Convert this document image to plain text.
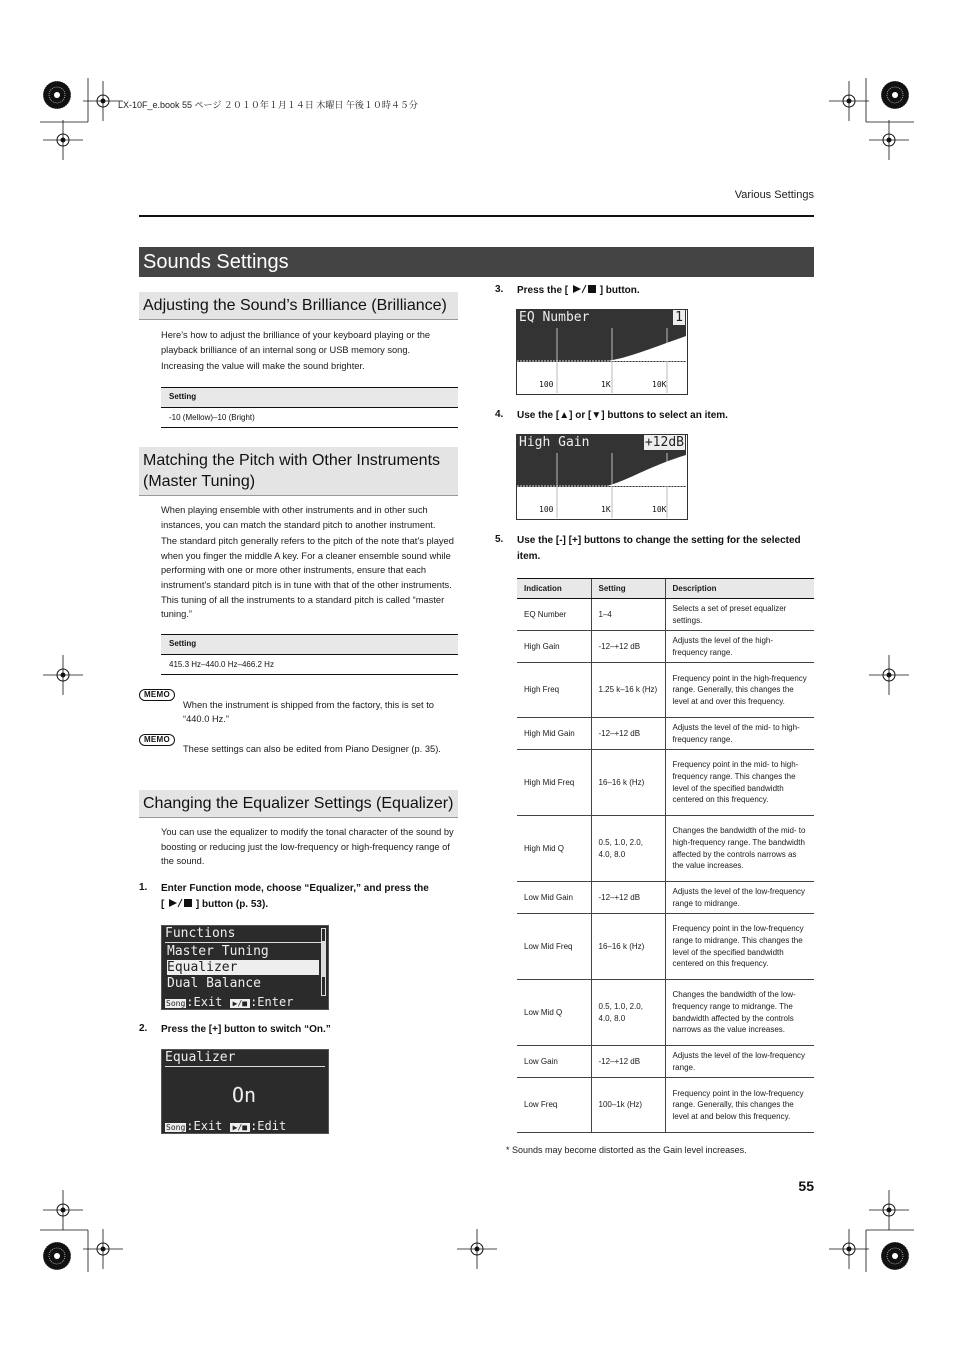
LX-10F_e.book 55 ページ ２０１０年１月１４日 木曜日 午後１０時４５分
Various Settings
Sounds Settings
Adjusting the Sound’s Brilliance (Brilliance)

Here’s how to adjust the brilliance of your keyboard playing or the playback brilliance of an internal song or USB memory song.

Increasing the value will make the sound brighter.

Setting
-10 (Mellow)–10 (Bright)
Matching the Pitch with Other Instruments (Master Tuning)

When playing ensemble with other instruments and in other such instances, you can match the standard pitch to another instrument.

The standard pitch generally refers to the pitch of the note that’s played when you finger the middle A key. For a cleaner ensemble sound while performing with one or more other instruments, ensure that each instrument’s standard pitch is in tune with that of the other instruments. This tuning of all the instruments to a standard pitch is called “master tuning.”

Setting
415.3 Hz–440.0 Hz–466.2 Hz
MEMO
When the instrument is shipped from the factory, this is set to “440.0 Hz.”
MEMO
These settings can also be edited from Piano Designer (p. 35).
Changing the Equalizer Settings (Equalizer)
You can use the equalizer to modify the tonal character of the sound by boosting or reducing just the low-frequency or high-frequency range of the sound.
1. Enter Function mode, choose “Equalizer,” and press the
[	] button (p. 53).
Functions
Master Tuning
Equalizer
Dual Balance
Song:Exit ▶/■ :Enter
2. Press the [+] button to switch “On.”
Equalizer
On
Song:Exit ▶/■ :Edit
3. Press the [	] button.
EQ Number	1
100	1K	10K
4. Use the [▲] or [▼] buttons to select an item.
High Gain	+12dB
100	1K	10K
5. Use the [-] [+] buttons to change the setting for the selected item.
Indication	Setting	Description
EQ Number	1–4	Selects a set of preset equalizer settings.
High Gain	-12–+12 dB	Adjusts the level of the high-frequency range.
High Freq	1.25 k–16 k (Hz)	Frequency point in the high-frequency range. Generally, this changes the level at and over this frequency.
High Mid Gain	-12–+12 dB	Adjusts the level of the mid- to high-frequency range.
High Mid Freq	16–16 k (Hz)	Frequency point in the mid- to high-frequency range. This changes the level of the specified bandwidth centered on this frequency.
High Mid Q	0.5, 1.0, 2.0, 4.0, 8.0	Changes the bandwidth of the mid- to high-frequency range. The bandwidth affected by the controls narrows as the value increases.
Low Mid Gain	-12–+12 dB	Adjusts the level of the low-frequency range to midrange.
Low Mid Freq	16–16 k (Hz)	Frequency point in the low-frequency range to midrange. This changes the level of the specified bandwidth centered on this frequency.
Low Mid Q	0.5, 1.0, 2.0, 4.0, 8.0	Changes the bandwidth of the low-frequency range to midrange. The bandwidth affected by the controls narrows as the value increases.
Low Gain	-12–+12 dB	Adjusts the level of the low-frequency range.
Low Freq	100–1k (Hz)	Frequency point in the low-frequency range. Generally, this changes the level at and below this frequency.
* Sounds may become distorted as the Gain level increases.
55
